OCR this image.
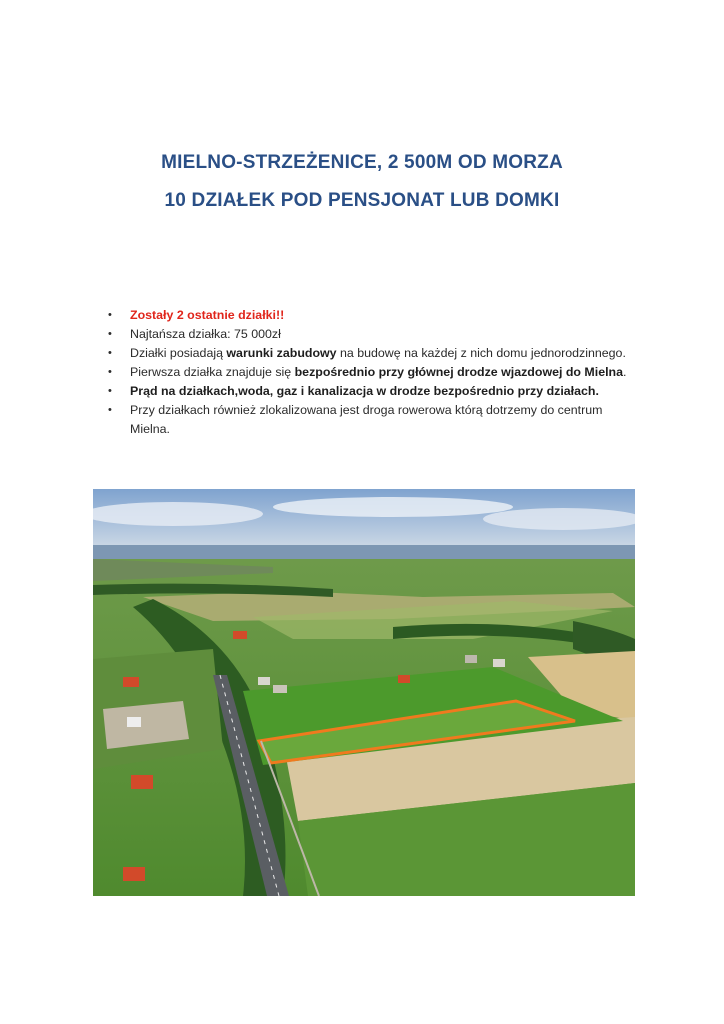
MIELNO-STRZEŻENICE, 2 500M OD MORZA
10 DZIAŁEK POD PENSJONAT LUB DOMKI
• Zostały 2 ostatnie działki!!
• Najtańsza działka: 75 000zł
• Działki posiadają warunki zabudowy na budowę na każdej z nich domu jednorodzinnego.
• Pierwsza działka znajduje się bezpośrednio przy głównej drodze wjazdowej do Mielna.
• Prąd na działkach,woda, gaz i kanalizacja w drodze bezpośrednio przy działach.
• Przy działkach również zlokalizowana jest droga rowerowa którą dotrzemy do centrum Mielna.
